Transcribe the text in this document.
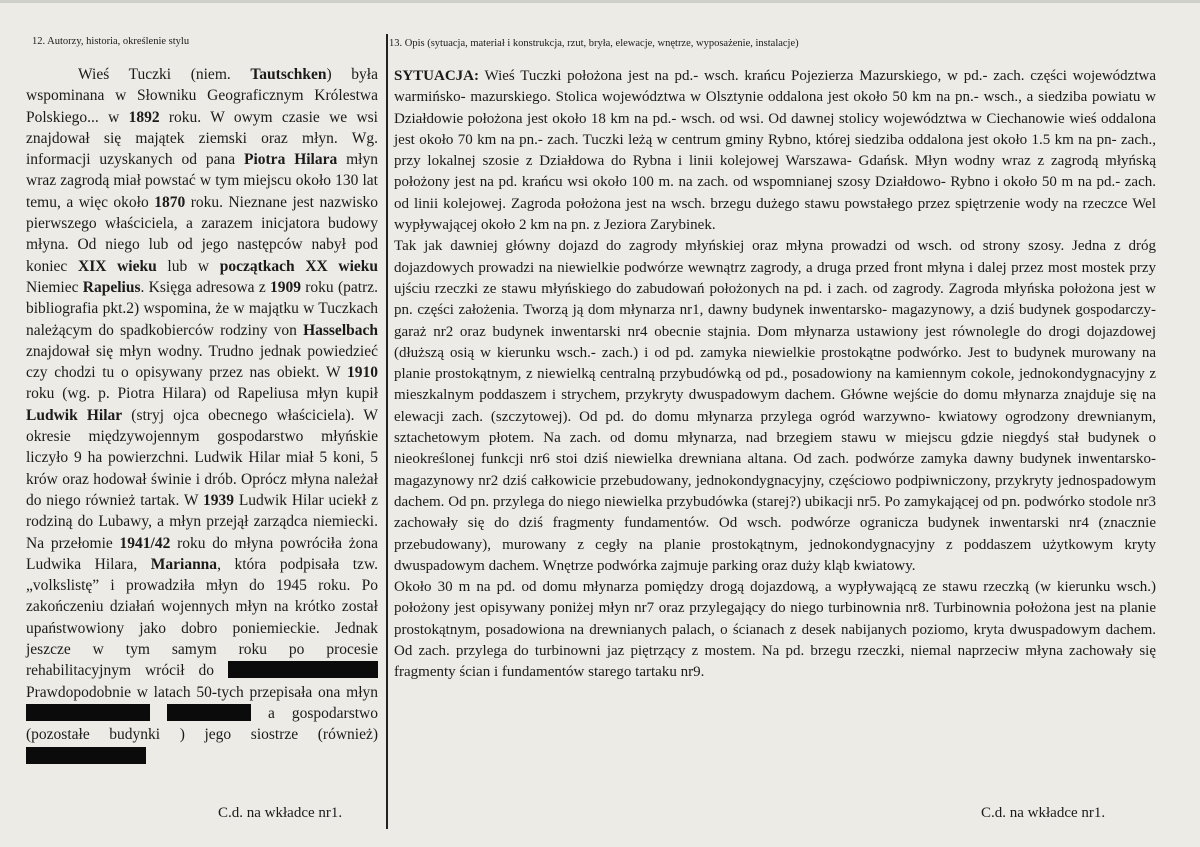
12. Autorzy, historia, określenie stylu	13. Opis (sytuacja, materiał i konstrukcja, rzut, bryła, elewacje, wnętrze, wyposażenie, instalacje)

Wieś Tuczki (niem. Tautschken) była wspominana w Słowniku Geograficznym Królestwa Polskiego... w 1892 roku. W owym czasie we wsi znajdował się majątek ziemski oraz młyn. Wg. informacji uzyskanych od pana Piotra Hilara młyn wraz zagrodą miał powstać w tym miejscu około 130 lat temu, a więc około 1870 roku. Nieznane jest nazwisko pierwszego właściciela, a zarazem inicjatora budowy młyna. Od niego lub od jego następców nabył pod koniec XIX wieku lub w początkach XX wieku Niemiec Rapelius. Księga adresowa z 1909 roku (patrz. bibliografia pkt.2) wspomina, że w majątku w Tuczkach należącym do spadkobierców rodziny von Hasselbach znajdował się młyn wodny. Trudno jednak powiedzieć czy chodzi tu o opisywany przez nas obiekt. W 1910 roku (wg. p. Piotra Hilara) od Rapeliusa młyn kupił Ludwik Hilar (stryj ojca obecnego właściciela). W okresie międzywojennym gospodarstwo młyńskie liczyło 9 ha powierzchni. Ludwik Hilar miał 5 koni, 5 krów oraz hodował świnie i drób. Oprócz młyna należał do niego również tartak. W 1939 Ludwik Hilar uciekł z rodziną do Lubawy, a młyn przejął zarządca niemiecki. Na przełomie 1941/42 roku do młyna powróciła żona Ludwika Hilara, Marianna, która podpisała tzw. „volkslistę” i prowadziła młyn do 1945 roku. Po zakończeniu działań wojennych młyn na krótko został upaństwowiony jako dobro poniemieckie. Jednak jeszcze w tym samym roku po procesie rehabilitacyjnym wrócił do  Prawdopodobnie w latach 50-tych przepisała ona młyn   a gospodarstwo (pozostałe budynki ) jego siostrze (również)

C.d. na wkładce nr1.

SYTUACJA: Wieś Tuczki położona jest na pd.- wsch. krańcu Pojezierza Mazurskiego, w pd.- zach. części województwa warmińsko- mazurskiego. Stolica województwa w Olsztynie oddalona jest około 50 km na pn.- wsch., a siedziba powiatu w Działdowie położona jest około 18 km na pd.- wsch. od wsi. Od dawnej stolicy województwa w Ciechanowie wieś oddalona jest około 70 km na pn.- zach. Tuczki leżą w centrum gminy Rybno, której siedziba oddalona jest około 1.5 km na pn- zach., przy lokalnej szosie z Działdowa do Rybna i linii kolejowej Warszawa- Gdańsk. Młyn wodny wraz z zagrodą młyńską położony jest na pd. krańcu wsi około 100 m. na zach. od wspomnianej szosy Działdowo- Rybno i około 50 m na pd.- zach. od linii kolejowej. Zagroda położona jest na wsch. brzegu dużego stawu powstałego przez spiętrzenie wody na rzeczce Wel wypływającej około 2 km na pn. z Jeziora Zarybinek.

Tak jak dawniej główny dojazd do zagrody młyńskiej oraz młyna prowadzi od wsch. od strony szosy. Jedna z dróg dojazdowych prowadzi na niewielkie podwórze wewnątrz zagrody, a druga przed front młyna i dalej przez most mostek przy ujściu rzeczki ze stawu młyńskiego do zabudowań położonych na pd. i zach. od zagrody. Zagroda młyńska położona jest w pn. części założenia. Tworzą ją dom młynarza nr1, dawny budynek inwentarsko- magazynowy, a dziś budynek gospodarczy- garaż nr2 oraz budynek inwentarski nr4 obecnie stajnia. Dom młynarza ustawiony jest równolegle do drogi dojazdowej (dłuższą osią w kierunku wsch.- zach.) i od pd. zamyka niewielkie prostokątne podwórko. Jest to budynek murowany na planie prostokątnym, z niewielką centralną przybudówką od pd., posadowiony na kamiennym cokole, jednokondygnacyjny z mieszkalnym poddaszem i strychem, przykryty dwuspadowym dachem. Główne wejście do domu młynarza znajduje się na elewacji zach. (szczytowej). Od pd. do domu młynarza przylega ogród warzywno- kwiatowy ogrodzony drewnianym, sztachetowym płotem. Na zach. od domu młynarza, nad brzegiem stawu w miejscu gdzie niegdyś stał budynek o nieokreślonej funkcji nr6 stoi dziś niewielka drewniana altana. Od zach. podwórze zamyka dawny budynek inwentarsko- magazynowy nr2 dziś całkowicie przebudowany, jednokondygnacyjny, częściowo podpiwniczony, przykryty jednospadowym dachem. Od pn. przylega do niego niewielka przybudówka (starej?) ubikacji nr5. Po zamykającej od pn. podwórko stodole nr3 zachowały się do dziś fragmenty fundamentów. Od wsch. podwórze ogranicza budynek inwentarski nr4 (znacznie przebudowany), murowany z cegły na planie prostokątnym, jednokondygnacyjny z poddaszem użytkowym kryty dwuspadowym dachem. Wnętrze podwórka zajmuje parking oraz duży kląb kwiatowy.

Około 30 m na pd. od domu młynarza pomiędzy drogą dojazdową, a wypływającą ze stawu rzeczką (w kierunku wsch.) położony jest opisywany poniżej młyn nr7 oraz przylegający do niego turbinownia nr8. Turbinownia położona jest na planie prostokątnym, posadowiona na drewnianych palach, o ścianach z desek nabijanych poziomo, kryta dwuspadowym dachem. Od zach. przylega do turbinowni jaz piętrzący z mostem. Na pd. brzegu rzeczki, niemal naprzeciw młyna zachowały się fragmenty ścian i fundamentów starego tartaku nr9.

C.d. na wkładce nr1.
